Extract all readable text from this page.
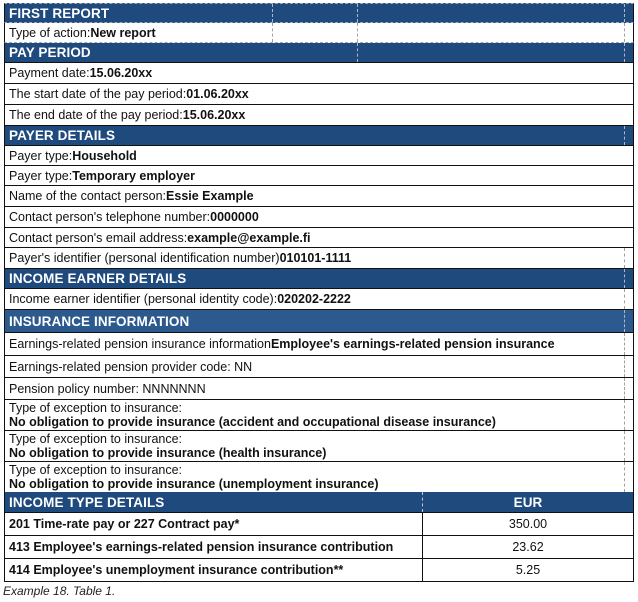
FIRST REPORT
Type of action: New report
PAY PERIOD
Payment date: 15.06.20xx
The start date of the pay period: 01.06.20xx
The end date of the pay period: 15.06.20xx
PAYER DETAILS
Payer type: Household
Payer type: Temporary employer
Name of the contact person: Essie Example
Contact person's telephone number: 0000000
Contact person's email address: example@example.fi
Payer's identifier (personal identification number) 010101-1111
INCOME EARNER DETAILS
Income earner identifier (personal identity code): 020202-2222
INSURANCE INFORMATION
Earnings-related pension insurance information Employee's earnings-related pension insurance
Earnings-related pension provider code: NN
Pension policy number: NNNNNNN
Type of exception to insurance:
No obligation to provide insurance (accident and occupational disease insurance)
Type of exception to insurance:
No obligation to provide insurance (health insurance)
Type of exception to insurance:
No obligation to provide insurance (unemployment insurance)
INCOME TYPE DETAILS	EUR
201 Time-rate pay or 227 Contract pay*	350.00
413 Employee's earnings-related pension insurance contribution	23.62
414 Employee's unemployment insurance contribution**	5.25
Example 18. Table 1.
